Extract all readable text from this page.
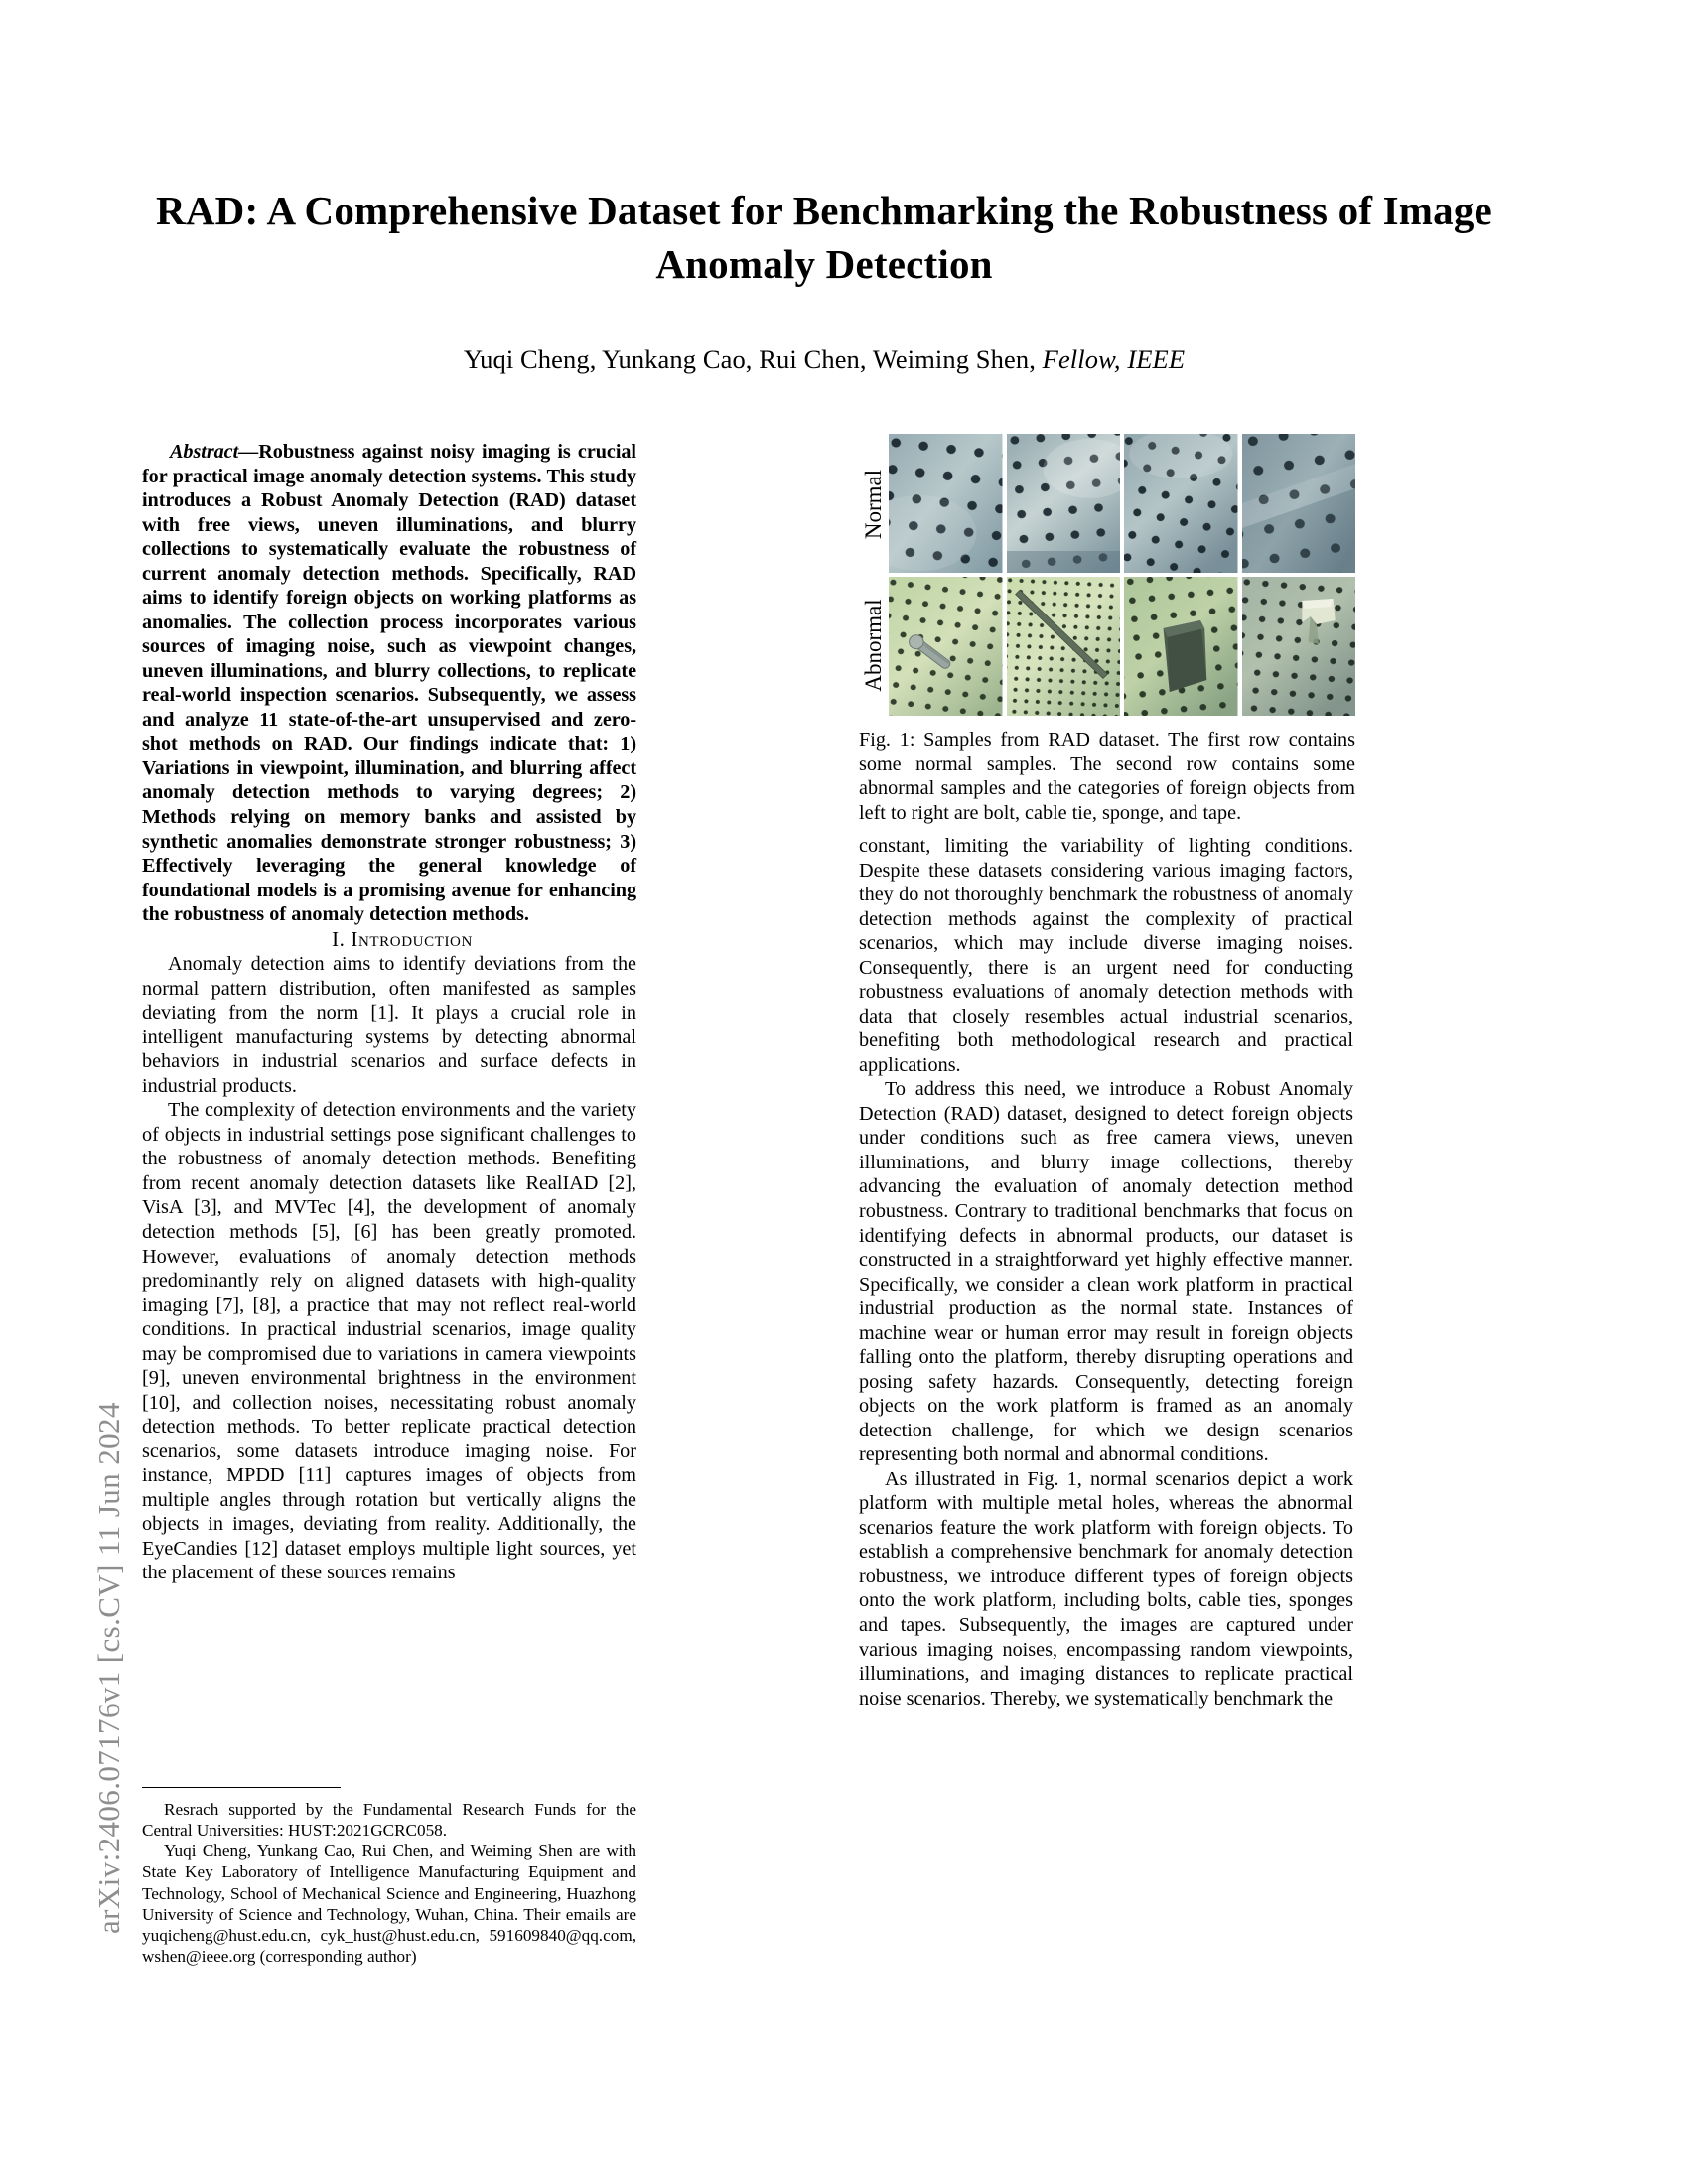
arXiv:2406.07176v1 [cs.CV] 11 Jun 2024
RAD: A Comprehensive Dataset for Benchmarking the Robustness of Image Anomaly Detection
Yuqi Cheng, Yunkang Cao, Rui Chen, Weiming Shen, Fellow, IEEE

Abstract—Robustness against noisy imaging is crucial for practical image anomaly detection systems. This study introduces a Robust Anomaly Detection (RAD) dataset with free views, uneven illuminations, and blurry collections to systematically evaluate the robustness of current anomaly detection methods. Specifically, RAD aims to identify foreign objects on working platforms as anomalies. The collection process incorporates various sources of imaging noise, such as viewpoint changes, uneven illuminations, and blurry collections, to replicate real-world inspection scenarios. Subsequently, we assess and analyze 11 state-of-the-art unsupervised and zero-shot methods on RAD. Our findings indicate that: 1) Variations in viewpoint, illumination, and blurring affect anomaly detection methods to varying degrees; 2) Methods relying on memory banks and assisted by synthetic anomalies demonstrate stronger robustness; 3) Effectively leveraging the general knowledge of foundational models is a promising avenue for enhancing the robustness of anomaly detection methods.

I. Introduction

Anomaly detection aims to identify deviations from the normal pattern distribution, often manifested as samples deviating from the norm [1]. It plays a crucial role in intelligent manufacturing systems by detecting abnormal behaviors in industrial scenarios and surface defects in industrial products.

The complexity of detection environments and the variety of objects in industrial settings pose significant challenges to the robustness of anomaly detection methods. Benefiting from recent anomaly detection datasets like RealIAD [2], VisA [3], and MVTec [4], the development of anomaly detection methods [5], [6] has been greatly promoted. However, evaluations of anomaly detection methods predominantly rely on aligned datasets with high-quality imaging [7], [8], a practice that may not reflect real-world conditions. In practical industrial scenarios, image quality may be compromised due to variations in camera viewpoints [9], uneven environmental brightness in the environment [10], and collection noises, necessitating robust anomaly detection methods. To better replicate practical detection scenarios, some datasets introduce imaging noise. For instance, MPDD [11] captures images of objects from multiple angles through rotation but vertically aligns the objects in images, deviating from reality. Additionally, the EyeCandies [12] dataset employs multiple light sources, yet the placement of these sources remains

Normal
Abnormal
Fig. 1: Samples from RAD dataset. The first row contains some normal samples. The second row contains some abnormal samples and the categories of foreign objects from left to right are bolt, cable tie, sponge, and tape.

constant, limiting the variability of lighting conditions. Despite these datasets considering various imaging factors, they do not thoroughly benchmark the robustness of anomaly detection methods against the complexity of practical scenarios, which may include diverse imaging noises. Consequently, there is an urgent need for conducting robustness evaluations of anomaly detection methods with data that closely resembles actual industrial scenarios, benefiting both methodological research and practical applications.

To address this need, we introduce a Robust Anomaly Detection (RAD) dataset, designed to detect foreign objects under conditions such as free camera views, uneven illuminations, and blurry image collections, thereby advancing the evaluation of anomaly detection method robustness. Contrary to traditional benchmarks that focus on identifying defects in abnormal products, our dataset is constructed in a straightforward yet highly effective manner. Specifically, we consider a clean work platform in practical industrial production as the normal state. Instances of machine wear or human error may result in foreign objects falling onto the platform, thereby disrupting operations and posing safety hazards. Consequently, detecting foreign objects on the work platform is framed as an anomaly detection challenge, for which we design scenarios representing both normal and abnormal conditions.

As illustrated in Fig. 1, normal scenarios depict a work platform with multiple metal holes, whereas the abnormal scenarios feature the work platform with foreign objects. To establish a comprehensive benchmark for anomaly detection robustness, we introduce different types of foreign objects onto the work platform, including bolts, cable ties, sponges and tapes. Subsequently, the images are captured under various imaging noises, encompassing random viewpoints, illuminations, and imaging distances to replicate practical noise scenarios. Thereby, we systematically benchmark the

Resrach supported by the Fundamental Research Funds for the Central Universities: HUST:2021GCRC058.

Yuqi Cheng, Yunkang Cao, Rui Chen, and Weiming Shen are with State Key Laboratory of Intelligence Manufacturing Equipment and Technology, School of Mechanical Science and Engineering, Huazhong University of Science and Technology, Wuhan, China. Their emails are yuqicheng@hust.edu.cn, cyk_hust@hust.edu.cn, 591609840@qq.com, wshen@ieee.org (corresponding author)
